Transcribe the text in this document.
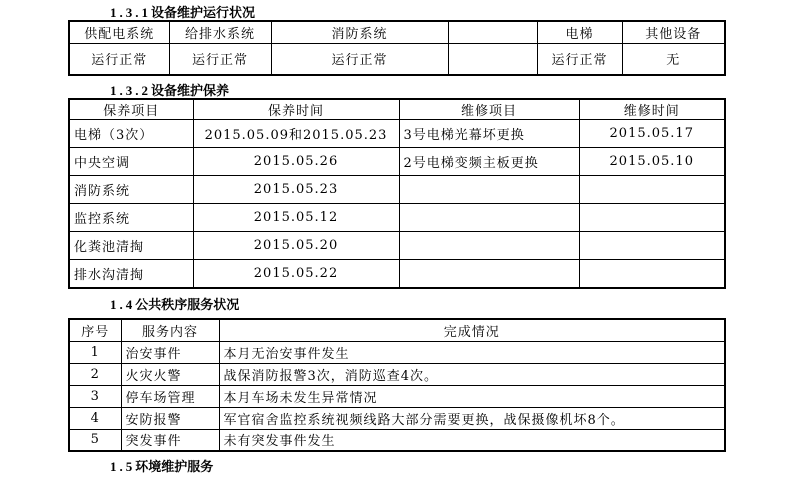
1.3.1设备维护运行状况
供配电系统	给排水系统	消防系统		电梯	其他设备
运行正常	运行正常	运行正常		运行正常	无
1.3.2设备维护保养
保养项目	保养时间	维修项目	维修时间
电梯（3次）	2015.05.09和2015.05.23	3号电梯光幕坏更换	2015.05.17
中央空调	2015.05.26	2号电梯变频主板更换	2015.05.10
消防系统	2015.05.23		
监控系统	2015.05.12		
化粪池清掏	2015.05.20		
排水沟清掏	2015.05.22		
1.4公共秩序服务状况
序号	服务内容	完成情况
1	治安事件	本月无治安事件发生
2	火灾火警	战保消防报警3次，消防巡查4次。
3	停车场管理	本月车场未发生异常情况
4	安防报警	军官宿舍监控系统视频线路大部分需要更换，战保摄像机坏8个。
5	突发事件	未有突发事件发生
1.5环境维护服务
